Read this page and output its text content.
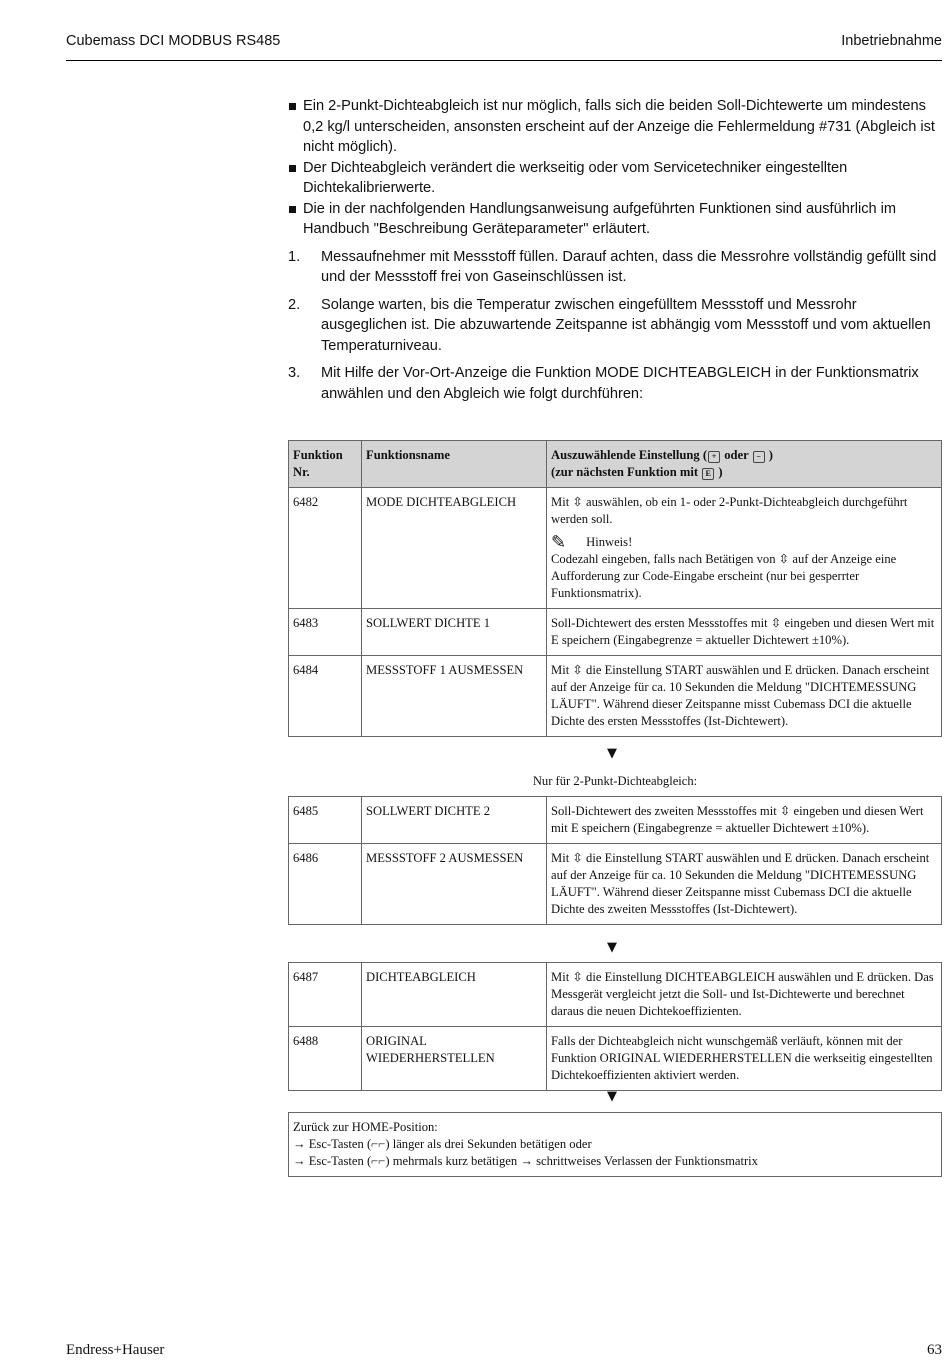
Cubemass DCI MODBUS RS485	Inbetriebnahme
Ein 2-Punkt-Dichteabgleich ist nur möglich, falls sich die beiden Soll-Dichtewerte um mindestens 0,2 kg/l unterscheiden, ansonsten erscheint auf der Anzeige die Fehlermeldung #731 (Abgleich ist nicht möglich).
Der Dichteabgleich verändert die werkseitig oder vom Servicetechniker eingestellten Dichtekalibrierwerte.
Die in der nachfolgenden Handlungsanweisung aufgeführten Funktionen sind ausführlich im Handbuch "Beschreibung Geräteparameter" erläutert.
1. Messaufnehmer mit Messstoff füllen. Darauf achten, dass die Messrohre vollständig gefüllt sind und der Messstoff frei von Gaseinschlüssen ist.
2. Solange warten, bis die Temperatur zwischen eingefülltem Messstoff und Messrohr ausgeglichen ist. Die abzuwartende Zeitspanne ist abhängig vom Messstoff und vom aktuellen Temperaturniveau.
3. Mit Hilfe der Vor-Ort-Anzeige die Funktion MODE DICHTEABGLEICH in der Funktionsmatrix anwählen und den Abgleich wie folgt durchführen:
Funktion
Nr.	Funktionsname	Auszuwählende Einstellung ( + oder − )
(zur nächsten Funktion mit E )
6482	MODE DICHTEABGLEICH	Mit ⇳ auswählen, ob ein 1- oder 2-Punkt-Dichteabgleich durchgeführt werden soll.
✎ Hinweis!
Codezahl eingeben, falls nach Betätigen von ⇳ auf der Anzeige eine Aufforderung zur Code-Eingabe erscheint (nur bei gesperrter Funktionsmatrix).

6483	SOLLWERT DICHTE 1	Soll-Dichtewert des ersten Messstoffes mit ⇳ eingeben und diesen Wert mit E speichern (Eingabegrenze = aktueller Dichtewert ±10%).
6484	MESSSTOFF 1 AUSMESSEN	Mit ⇳ die Einstellung START auswählen und E drücken. Danach erscheint auf der Anzeige für ca. 10 Sekunden die Meldung "DICHTEMESSUNG LÄUFT". Während dieser Zeitspanne misst Cubemass DCI die aktuelle Dichte des ersten Messstoffes (Ist-Dichtewert).
▼
Nur für 2-Punkt-Dichteabgleich:
6485	SOLLWERT DICHTE 2	Soll-Dichtewert des zweiten Messstoffes mit ⇳ eingeben und diesen Wert mit E speichern (Eingabegrenze = aktueller Dichtewert ±10%).
6486	MESSSTOFF 2 AUSMESSEN	Mit ⇳ die Einstellung START auswählen und E drücken. Danach erscheint auf der Anzeige für ca. 10 Sekunden die Meldung "DICHTEMESSUNG LÄUFT". Während dieser Zeitspanne misst Cubemass DCI die aktuelle Dichte des zweiten Messstoffes (Ist-Dichtewert).
▼
6487	DICHTEABGLEICH	Mit ⇳ die Einstellung DICHTEABGLEICH auswählen und E drücken. Das Messgerät vergleicht jetzt die Soll- und Ist-Dichtewerte und berechnet daraus die neuen Dichtekoeffizienten.
6488	ORIGINAL WIEDERHERSTELLEN	Falls der Dichteabgleich nicht wunschgemäß verläuft, können mit der Funktion ORIGINAL WIEDERHERSTELLEN die werkseitig eingestellten Dichtekoeffizienten aktiviert werden.
▼
Zurück zur HOME-Position:
→ Esc-Tasten (⌐⌐) länger als drei Sekunden betätigen oder
→ Esc-Tasten (⌐⌐) mehrmals kurz betätigen → schrittweises Verlassen der Funktionsmatrix
Endress+Hauser	63
